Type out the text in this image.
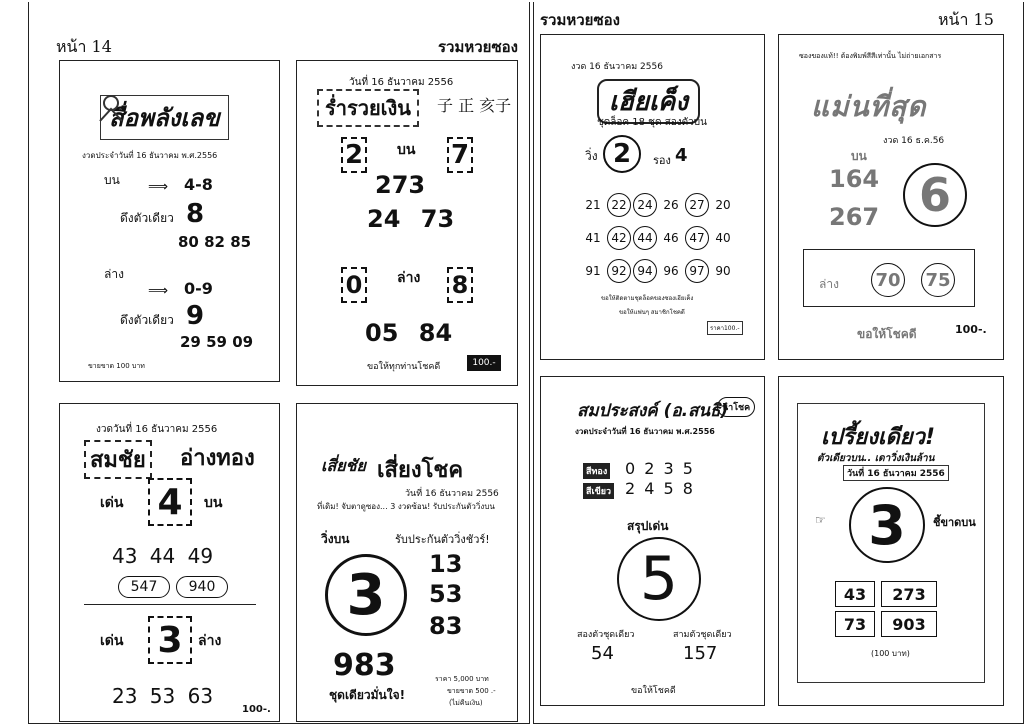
หน้า 14	รวมหวยซอง
รวมหวยซอง	หน้า 15
สื่อพลังเลข
งวดประจำวันที่ 16 ธันวาคม พ.ศ.2556
บน ⟹ 4-8
ดึงตัวเดียว 8
80 82 85
ล่าง
⟹ 0-9
ดึงตัวเดียว 9
29 59 09
ขายขาด 100 บาท
วันที่ 16 ธันวาคม 2556
ร่ำรวยเงิน	子 正 亥子
2 บน 7
273
24 73
0	ล่าง 8
05 84
ขอให้ทุกท่านโชคดี	100.-
งวด 16 ธันวาคม 2556
เฮียเค็ง
ชุดล็อค 18 ชุด สองตัวบน
วิ่ง 2	รอง 4
21 22 24 26 27 20
41 42 44 46 47 40
91 92 94 96 97 90
ขอให้ติดตามชุดล็อคของซองเฮียเค็ง
ขอให้แฟนๆ สมาชิกโชคดี
ราคา100.-
ซองของแท้!! ต้องพิมพ์สีสีเท่านั้น ไม่ถ่ายเอกสาร
แม่นที่สุด
งวด 16 ธ.ค.56
บน
164
267 6
ล่าง 70 75
ขอให้โชคดี	100-.
งวดวันที่ 16 ธันวาคม 2556
สมชัย อ่างทอง
เด่น 4	บน
43 44 49
547	940
เด่น 3	ล่าง
23 53 63
100-.
เสี่ยชัย เสี่ยงโชค
วันที่ 16 ธันวาคม 2556
ที่เดิม! จับตาดูซอง... 3 งวดซ้อน! รับประกันตัววิ่งบน
วิ่งบน	รับประกันตัววิ่งชัวร์!
3	13
53
83
983
ชุดเดียวมั่นใจ!
ราคา 5,000 บาท
ขายขาด 500 .-
(ไม่คืนเงิน)
สมประสงค์ (อ.สนธิ)
นำโชค
งวดประจำวันที่ 16 ธันวาคม พ.ศ.2556
สีทอง 0 2 3 5
สีเขียว 2 4 5 8
สรุปเด่น
5
สองตัวชุดเดียว
54
สามตัวชุดเดียว
157
ขอให้โชคดี
เปรี้ยงเดียว!
ตัวเดียวบน.. เดาวิ่งเงินล้าน
วันที่ 16 ธันวาคม 2556
☞ 3	ชี้ขาดบน
43	273
73	903
(100 บาท)
